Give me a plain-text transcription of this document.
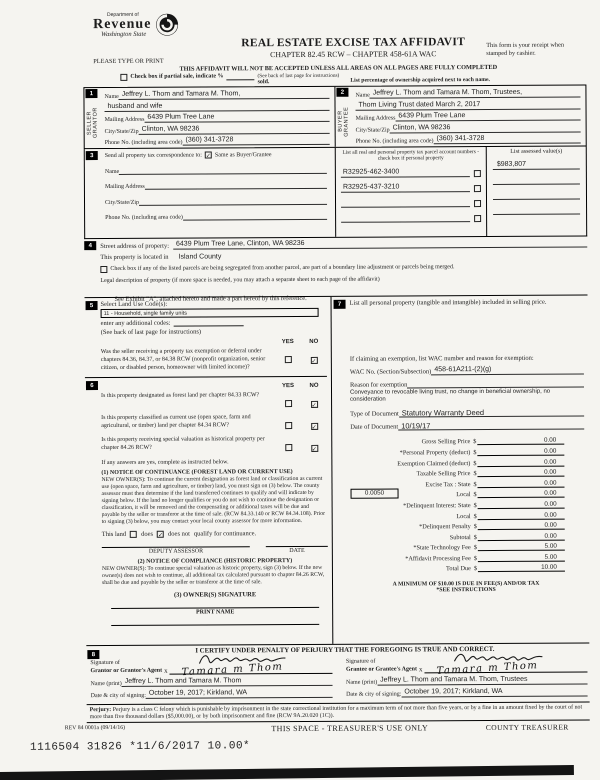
Department of
Revenue
Washington State
REAL ESTATE EXCISE TAX AFFIDAVIT
CHAPTER 82.45 RCW – CHAPTER 458-61A WAC
This form is your receipt when stamped by cashier.
PLEASE TYPE OR PRINT
THIS AFFIDAVIT WILL NOT BE ACCEPTED UNLESS ALL AREAS ON ALL PAGES ARE FULLY COMPLETED
Check box if partial sale, indicate %	(See back of last page for instructions)
sold.	List percentage of ownership acquired next to each name.
1
SELLER GRANTOR
Name Jeffrey L. Thom and Tamara M. Thom,
husband and wife
Mailing Address 6439 Plum Tree Lane
City/State/Zip Clinton, WA 98236
Phone No. (including area code) (360) 341-3728
2
BUYER GRANTEE
Name Jeffrey L. Thom and Tamara M. Thom, Trustees,
Thom Living Trust dated March 2, 2017
Mailing Address 6439 Plum Tree Lane
City/State/Zip Clinton, WA 98236
Phone No. (including area code) (360) 341-3728
3	Send all property tax correspondence to: ✓ Same as Buyer/Grantee
Name
Mailing Address
City/State/Zip
Phone No. (including area code)
List all real and personal property tax parcel account numbers - check box if personal property
R32925-462-3400
R32925-437-3210
List assessed value(s)
$983,807
4	Street address of property: 6439 Plum Tree Lane, Clinton, WA 98236
This property is located in Island County
Check box if any of the listed parcels are being segregated from another parcel, are part of a boundary line adjustment or parcels being merged.
Legal description of property (if more space is needed, you may attach a separate sheet to each page of the affidavit)
See Exhibit "A", attached hereto and made a part hereof by this reference.
5	Select Land Use Code(s):
11 - Household, single family units
enter any additional codes:
(See back of last page for instructions)
YES	NO
Was the seller receiving a property tax exemption or deferral under chapters 84.36, 84.37, or 84.38 RCW (nonprofit organization, senior citizen, or disabled person, homeowner with limited income)?
✓
6	YES	NO
Is this property designated as forest land per chapter 84.33 RCW?
✓
Is this property classified as current use (open space, farm and agricultural, or timber) land per chapter 84.34 RCW?	✓
Is this property receiving special valuation as historical property per chapter 84.26 RCW?	✓
If any answers are yes, complete as instructed below.
(1) NOTICE OF CONTINUANCE (FOREST LAND OR CURRENT USE)
NEW OWNER(S): To continue the current designation as forest land or classification as current use (open space, farm and agriculture, or timber) land, you must sign on (3) below. The county assessor must then determine if the land transferred continues to qualify and will indicate by signing below. If the land no longer qualifies or you do not wish to continue the designation or classification, it will be removed and the compensating or additional taxes will be due and payable by the seller or transferor at the time of sale. (RCW 84.33.140 or RCW 84.34.108). Prior to signing (3) below, you may contact your local county assessor for more information.
This land does ✓ does not qualify for continuance.
DEPUTY ASSESSOR	DATE
(2) NOTICE OF COMPLIANCE (HISTORIC PROPERTY)
NEW OWNER(S): To continue special valuation as historic property, sign (3) below. If the new owner(s) does not wish to continue, all additional tax calculated pursuant to chapter 84.26 RCW, shall be due and payable by the seller or transferor at the time of sale.
(3) OWNER(S) SIGNATURE
PRINT NAME
7	List all personal property (tangible and intangible) included in selling price.
If claiming an exemption, list WAC number and reason for exemption:
WAC No. (Section/Subsection) 458-61A211-(2)(g)
Reason for exemption
Conveyance to revocable living trust, no change in beneficial ownership, no consideration
Type of Document Statutory Warranty Deed
Date of Document 10/19/17
Gross Selling Price $	0.00
*Personal Property (deduct) $	0.00
Exemption Claimed (deduct) $	0.00
Taxable Selling Price $	0.00
Excise Tax : State $	0.00
0.0050	Local $	0.00
*Delinquent Interest: State $	0.00
Local $	0.00
*Delinquent Penalty $	0.00
Subtotal $	0.00
*State Technology Fee $	5.00
*Affidavit Processing Fee $	5.00
Total Due $	10.00
A MINIMUM OF $10.00 IS DUE IN FEE(S) AND/OR TAX
*SEE INSTRUCTIONS
8
I CERTIFY UNDER PENALTY OF PERJURY THAT THE FOREGOING IS TRUE AND CORRECT.
Signature of
Grantor or Grantor's Agent x Tamara m Thom
Name (print) Jeffrey L. Thom and Tamara M. Thom
Date & city of signing: October 19, 2017; Kirkland, WA
Signature of
Grantee or Grantee's Agent x Tamara m Thom
Name (print) Jeffrey L. Thom and Tamara M. Thom, Trustees
Date & city of signing: October 19, 2017; Kirkland, WA
Perjury: Perjury is a class C felony which is punishable by imprisonment in the state correctional institution for a maximum term of not more than five years, or by a fine in an amount fixed by the court of not more than five thousand dollars ($5,000.00), or by both imprisonment and fine (RCW 9A.20.020 (1C)).
REV 84 0001a (09/14/16)	THIS SPACE - TREASURER'S USE ONLY	COUNTY TREASURER
1116504 31826 *11/6/2017 10.00*
